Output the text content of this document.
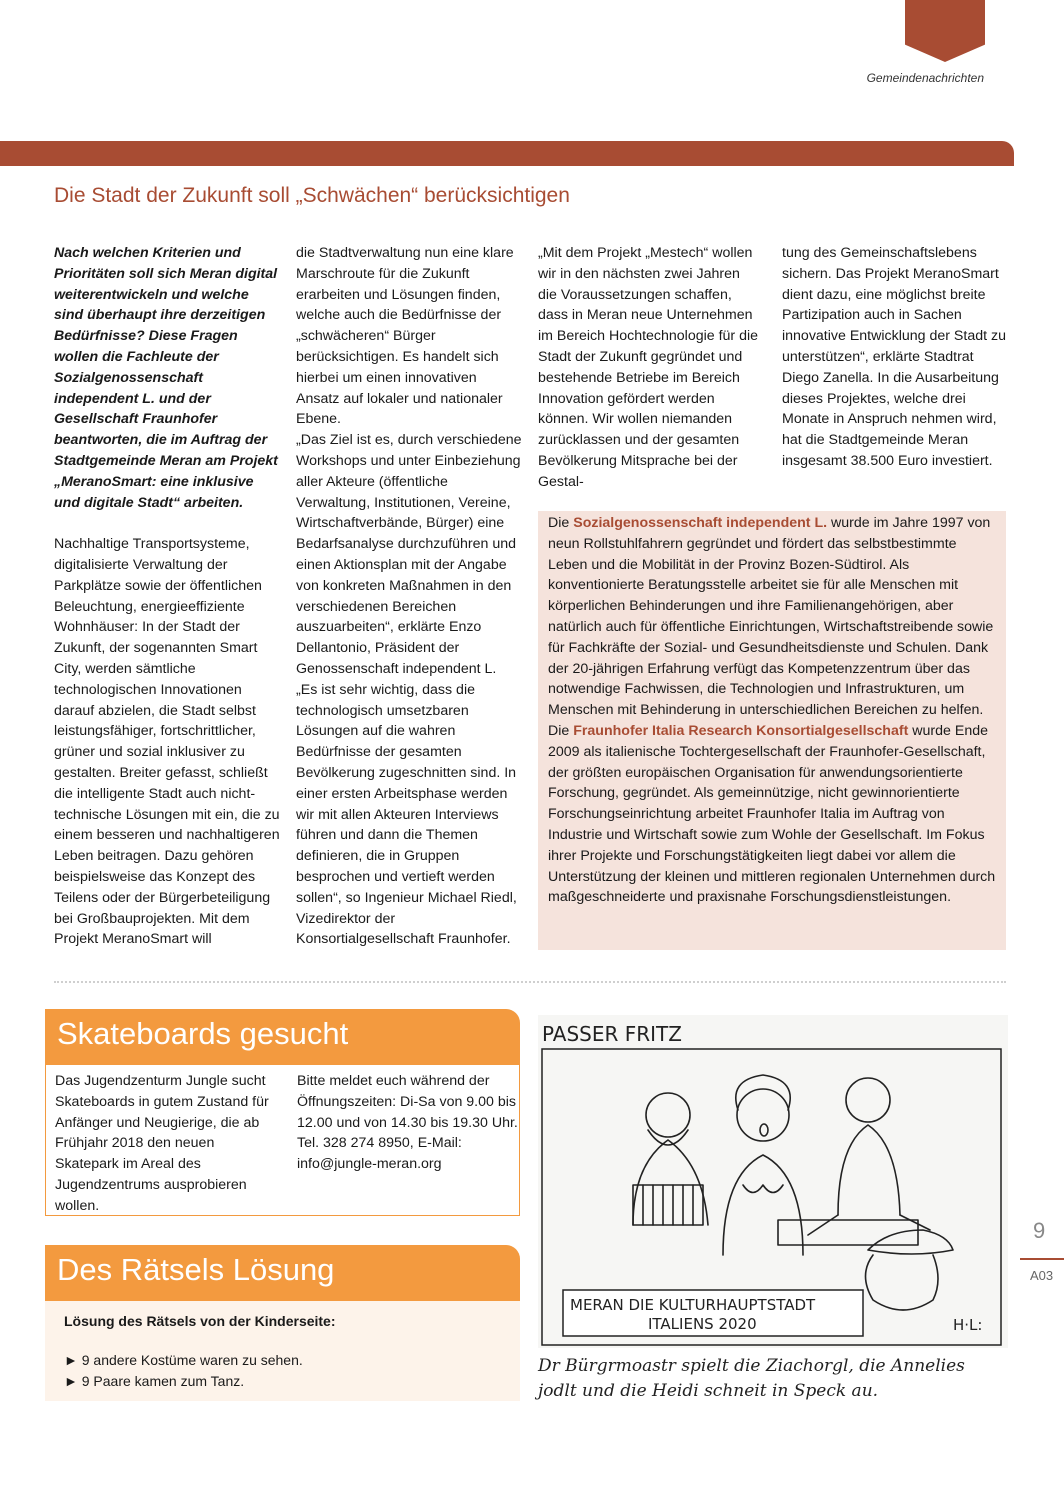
Gemeindenachrichten
Die Stadt der Zukunft soll „Schwächen“ berücksichtigen

Nach welchen Kriterien und Prioritäten soll sich Meran digital weiterentwickeln und welche sind überhaupt ihre derzeitigen Bedürfnisse? Diese Fragen wollen die Fachleute der Sozialgenossenschaft independent L. und der Gesellschaft Fraunhofer beantworten, die im Auftrag der Stadtgemeinde Meran am Projekt „MeranoSmart: eine inklusive und digitale Stadt“ arbeiten.

Nachhaltige Transportsysteme, digitalisierte Verwaltung der Parkplätze sowie der öffentlichen Beleuchtung, energieeffiziente Wohnhäuser: In der Stadt der Zukunft, der sogenannten Smart City, werden sämtliche technologischen Innovationen darauf abzielen, die Stadt selbst leistungsfähiger, fortschrittlicher, grüner und sozial inklusiver zu gestalten. Breiter gefasst, schließt die intelligente Stadt auch nicht-technische Lösungen mit ein, die zu einem besseren und nachhaltigeren Leben beitragen. Dazu gehören beispielsweise das Konzept des Teilens oder der Bürgerbeteiligung bei Großbauprojekten. Mit dem Projekt MeranoSmart will

die Stadtverwaltung nun eine klare Marschroute für die Zukunft erarbeiten und Lösungen finden, welche auch die Bedürfnisse der „schwächeren“ Bürger berücksichtigen. Es handelt sich hierbei um einen innovativen Ansatz auf lokaler und nationaler Ebene.

„Das Ziel ist es, durch verschiedene Workshops und unter Einbeziehung aller Akteure (öffentliche Verwaltung, Institutionen, Vereine, Wirtschaftverbände, Bürger) eine Bedarfsanalyse durchzuführen und einen Aktionsplan mit der Angabe von konkreten Maßnahmen in den verschiedenen Bereichen auszuarbeiten“, erklärte Enzo Dellantonio, Präsident der Genossenschaft independent L.

„Es ist sehr wichtig, dass die technologisch umsetzbaren Lösungen auf die wahren Bedürfnisse der gesamten Bevölkerung zugeschnitten sind. In einer ersten Arbeitsphase werden wir mit allen Akteuren Interviews führen und dann die Themen definieren, die in Gruppen besprochen und vertieft werden sollen“, so Ingenieur Michael Riedl, Vizedirektor der Konsortialgesellschaft Fraunhofer.

„Mit dem Projekt „Mestech“ wollen wir in den nächsten zwei Jahren die Voraussetzungen schaffen, dass in Meran neue Unternehmen im Bereich Hochtechnologie für die Stadt der Zukunft gegründet und bestehende Betriebe im Bereich Innovation gefördert werden können. Wir wollen niemanden zurücklassen und der gesamten Bevölkerung Mitsprache bei der Gestal-

tung des Gemeinschaftslebens sichern. Das Projekt MeranoSmart dient dazu, eine möglichst breite Partizipation auch in Sachen innovative Entwicklung der Stadt zu unterstützen“, erklärte Stadtrat Diego Zanella. In die Ausarbeitung dieses Projektes, welche drei Monate in Anspruch nehmen wird, hat die Stadtgemeinde Meran insgesamt 38.500 Euro investiert.

Die Sozialgenossenschaft independent L. wurde im Jahre 1997 von neun Rollstuhlfahrern gegründet und fördert das selbstbestimmte Leben und die Mobilität in der Provinz Bozen-Südtirol. Als konventionierte Beratungsstelle arbeitet sie für alle Menschen mit körperlichen Behinderungen und ihre Familienangehörigen, aber natürlich auch für öffentliche Einrichtungen, Wirtschaftstreibende sowie für Fachkräfte der Sozial- und Gesundheitsdienste und Schulen. Dank der 20-jährigen Erfahrung verfügt das Kompetenzzentrum über das notwendige Fachwissen, die Technologien und Infrastrukturen, um Menschen mit Behinderung in unterschiedlichen Bereichen zu helfen.

Die Fraunhofer Italia Research Konsortialgesellschaft wurde Ende 2009 als italienische Tochtergesellschaft der Fraunhofer-Gesellschaft, der größten europäischen Organisation für anwendungsorientierte Forschung, gegründet. Als gemeinnützige, nicht gewinnorientierte Forschungseinrichtung arbeitet Fraunhofer Italia im Auftrag von Industrie und Wirtschaft sowie zum Wohle der Gesellschaft. Im Fokus ihrer Projekte und Forschungstätigkeiten liegt dabei vor allem die Unterstützung der kleinen und mittleren regionalen Unternehmen durch maßgeschneiderte und praxisnahe Forschungsdienstleistungen.

Skateboards gesucht
Das Jugendzenturm Jungle sucht Skateboards in gutem Zustand für Anfänger und Neugierige, die ab Frühjahr 2018 den neuen Skatepark im Areal des Jugendzentrums ausprobieren wollen.
Bitte meldet euch während der Öffnungszeiten: Di-Sa von 9.00 bis 12.00 und von 14.30 bis 19.30 Uhr.
Tel. 328 274 8950, E-Mail: info@jungle-meran.org
Des Rätsels Lösung

Lösung des Rätsels von der Kinderseite:

► 9 andere Kostüme waren zu sehen.

► 9 Paare kamen zum Tanz.

PASSER FRITZ
MERAN DIE KULTURHAUPTSTADT
ITALIENS 2020	H·L:
Dr Bürgrmoastr spielt die Ziachorgl, die Annelies jodlt und die Heidi schneit in Speck au.
9
A03
